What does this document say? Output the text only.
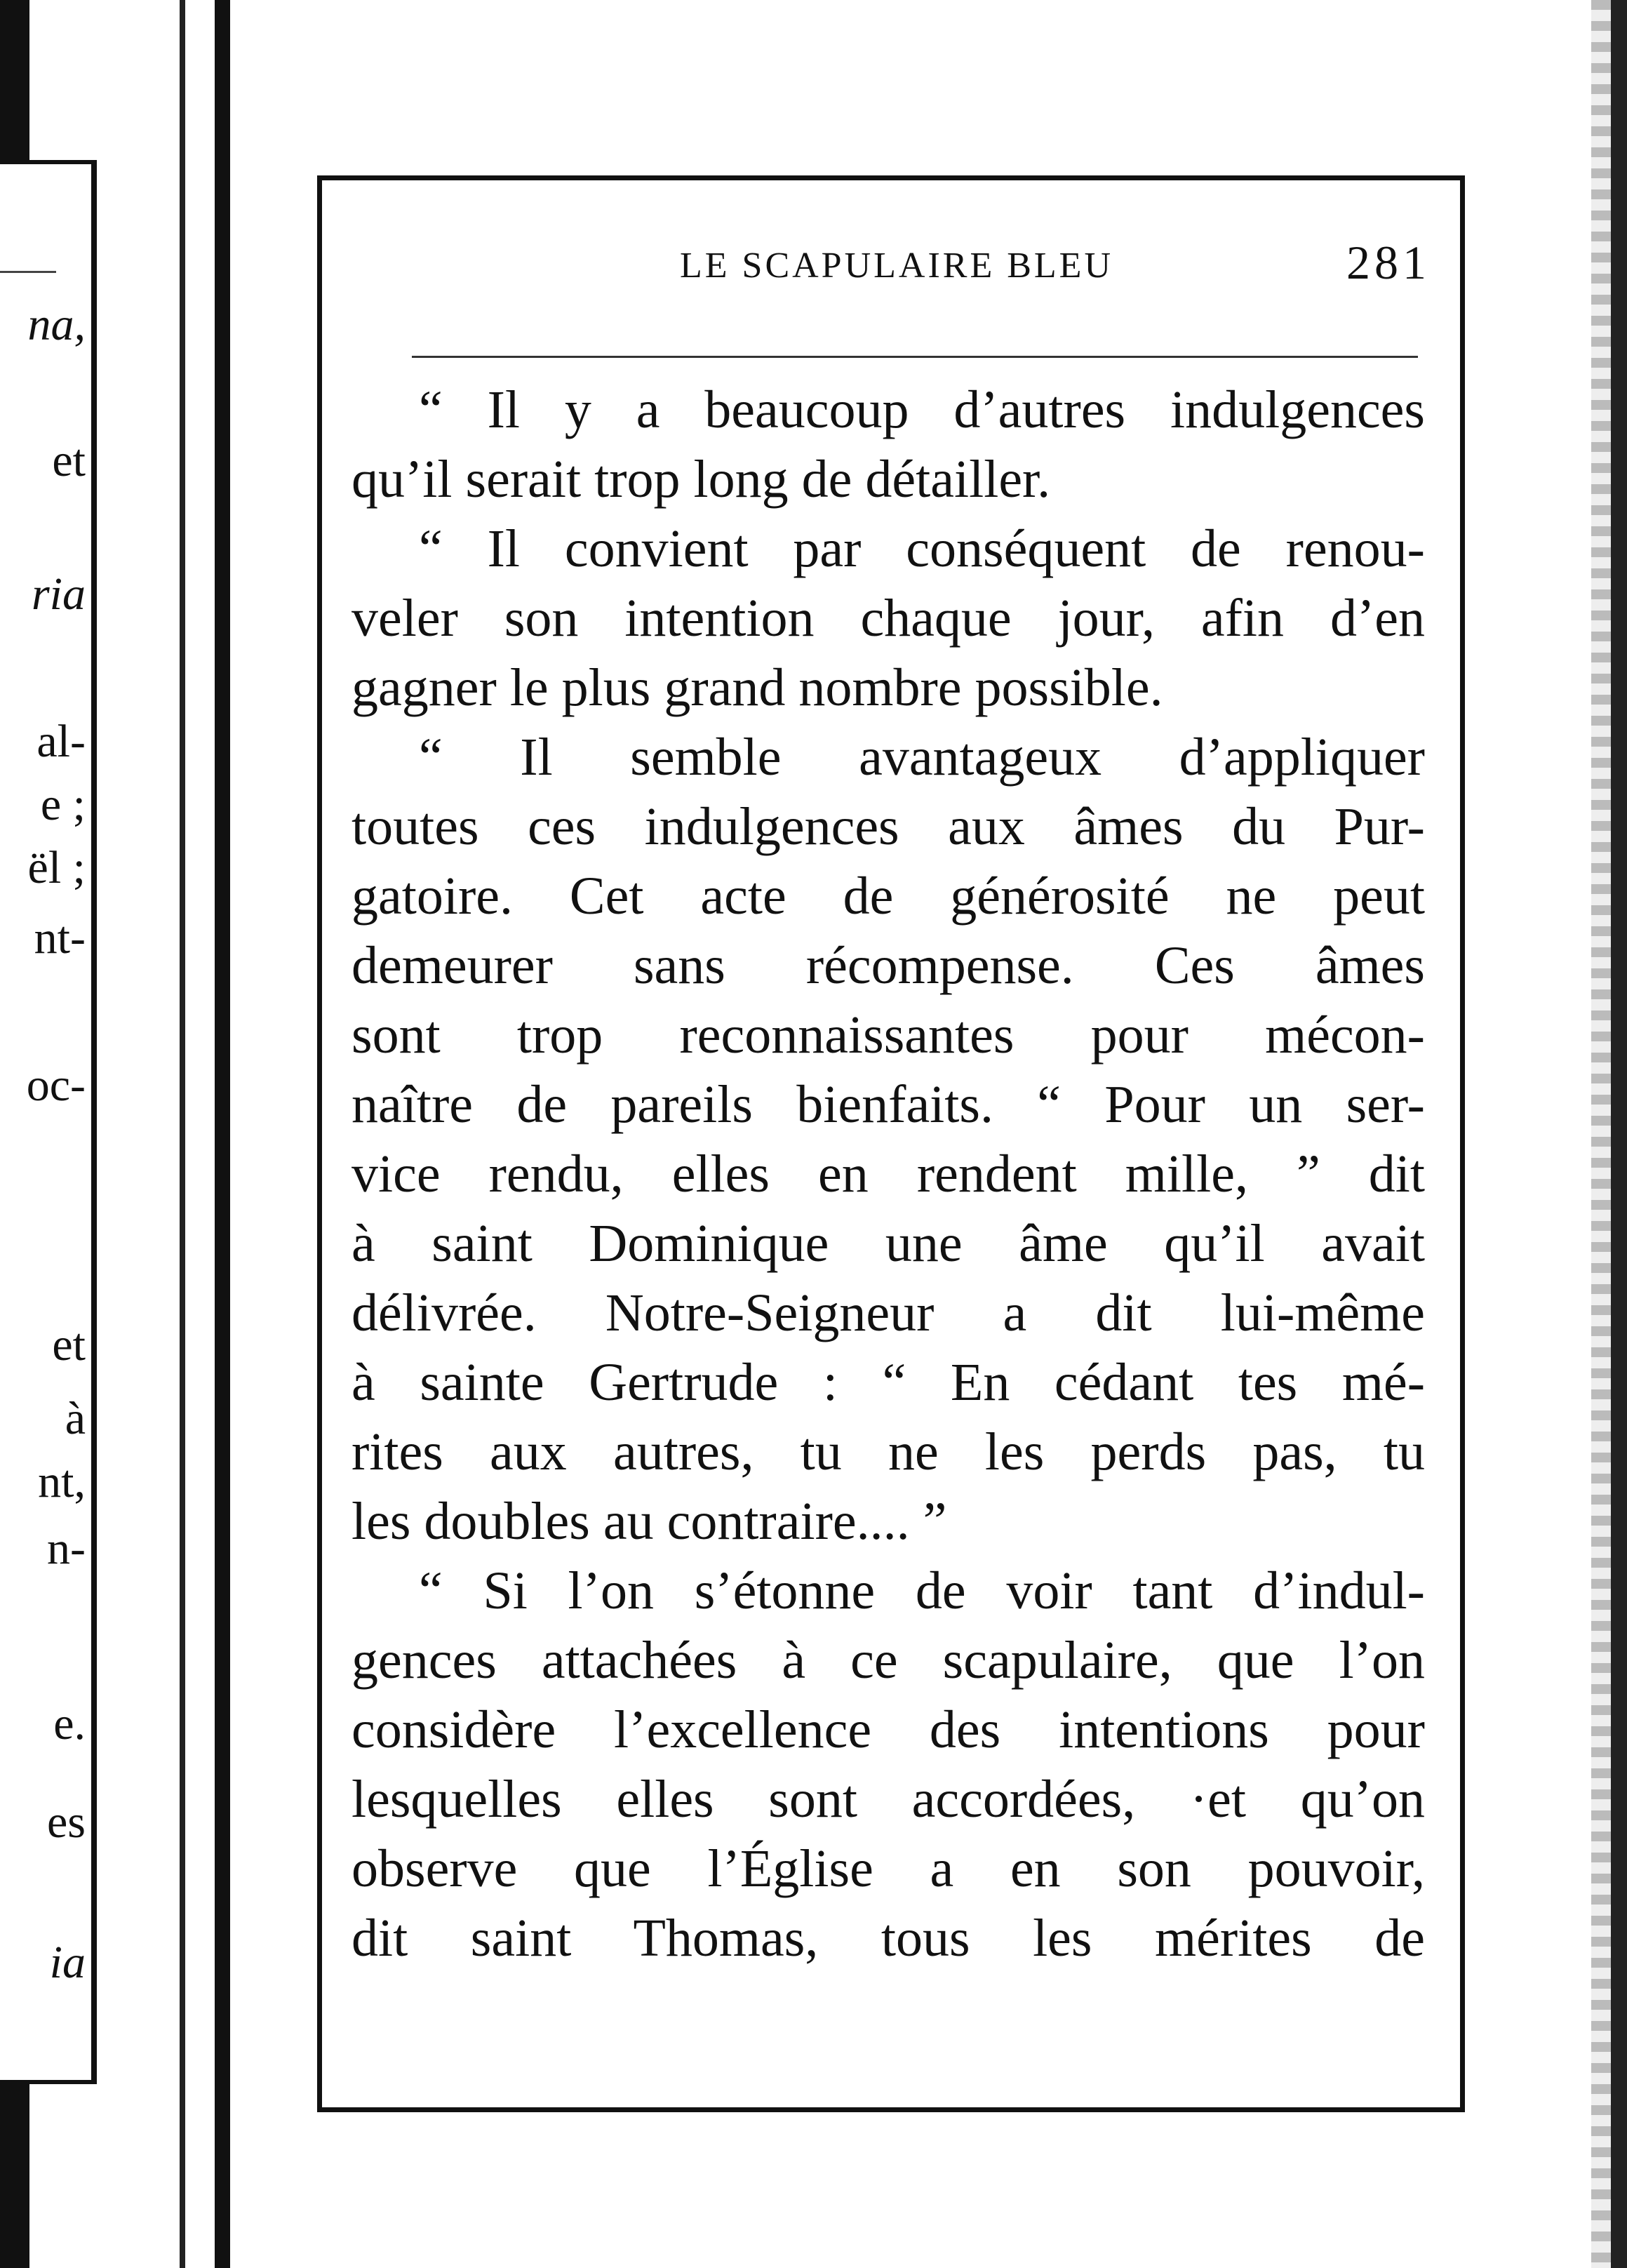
na,
et
ria
al-
e ;
ël ;
nt-
oc-
et
à
nt,
n-
e.
es
ia
LE SCAPULAIRE BLEU	281
“ Il y a beaucoup d’autres indulgences
qu’il serait trop long de détailler.
“ Il convient par conséquent de renou-
veler son intention chaque jour, afin d’en
gagner le plus grand nombre possible.
“ Il semble avantageux d’appliquer
toutes ces indulgences aux âmes du Pur-
gatoire. Cet acte de générosité ne peut
demeurer sans récompense. Ces âmes
sont trop reconnaissantes pour mécon-
naître de pareils bienfaits. “ Pour un ser-
vice rendu, elles en rendent mille, ” dit
à saint Dominique une âme qu’il avait
délivrée. Notre-Seigneur a dit lui-même
à sainte Gertrude : “ En cédant tes mé-
rites aux autres, tu ne les perds pas, tu
les doubles au contraire.... ”
“ Si l’on s’étonne de voir tant d’indul-
gences attachées à ce scapulaire, que l’on
considère l’excellence des intentions pour
lesquelles elles sont accordées, ·et qu’on
observe que l’Église a en son pouvoir,
dit saint Thomas, tous les mérites de
